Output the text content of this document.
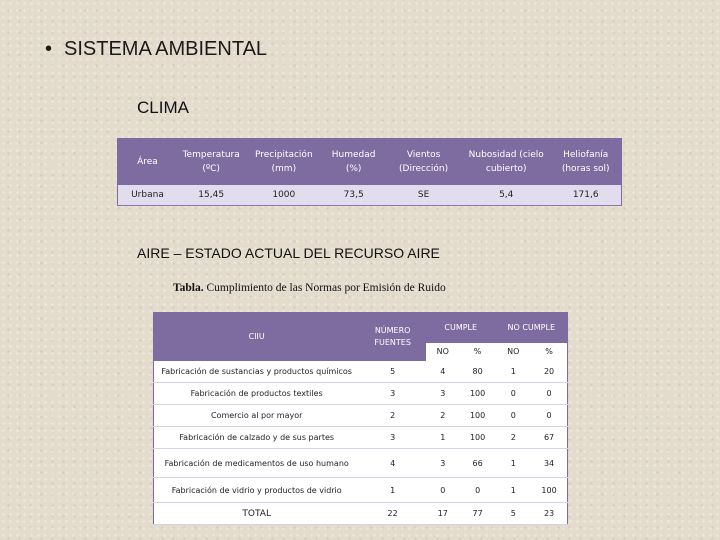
• SISTEMA AMBIENTAL
CLIMA
Área	Temperatura (ºC)	Precipitación (mm)	Humedad (%)	Vientos (Dirección)	Nubosidad (cielo cubierto)	Heliofanía (horas sol)
Urbana	15,45	1000	73,5	SE	5,4	171,6
AIRE – ESTADO ACTUAL DEL RECURSO AIRE
Tabla. Cumplimiento de las Normas por Emisión de Ruido
CIIU	NÚMERO FUENTES	CUMPLE		NO CUMPLE	
		NO	%	NO	%
Fabricación de sustancias y productos químicos	5	4	80	1	20
Fabricación de productos textiles	3	3	100	0	0
Comercio al por mayor	2	2	100	0	0
Fabricación de calzado y de sus partes	3	1	100	2	67
Fabricación de medicamentos de uso humano	4	3	66	1	34
Fabricación de vidrio y productos de vidrio	1	0	0	1	100
TOTAL	22	17	77	5	23
